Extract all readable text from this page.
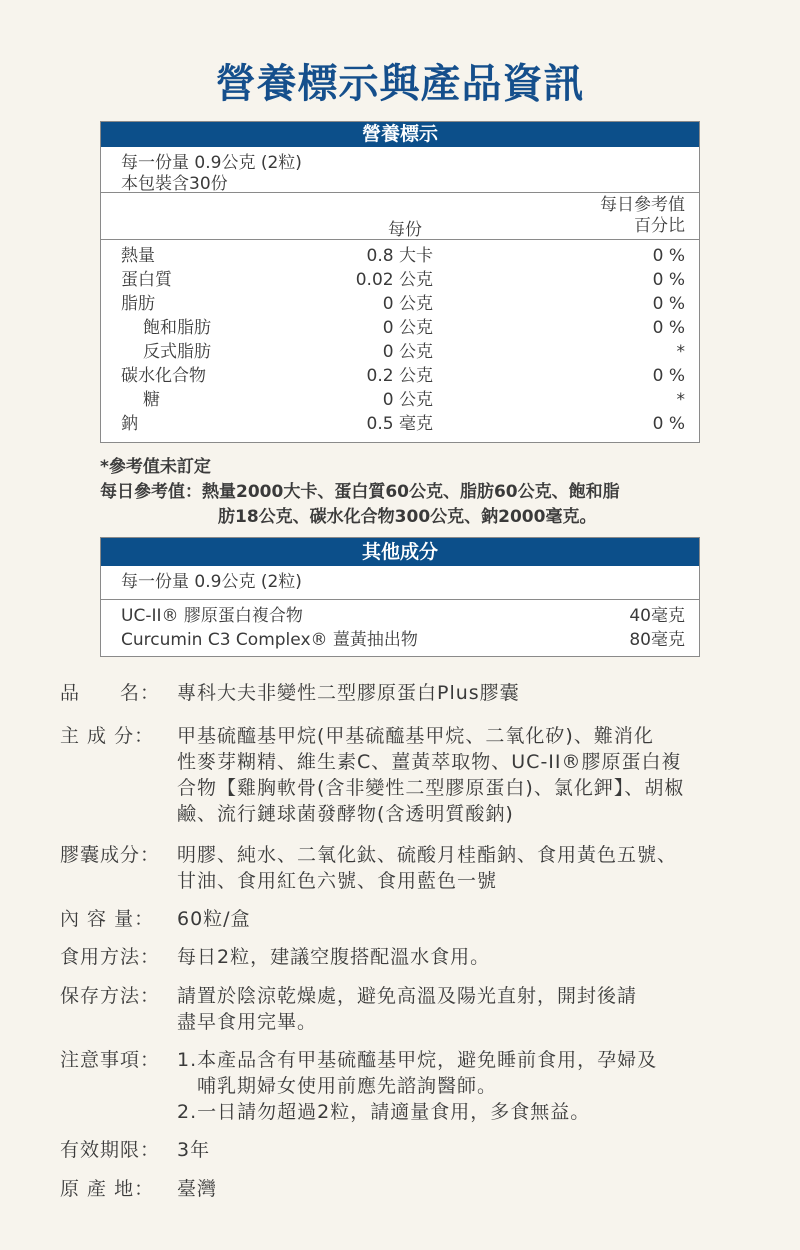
營養標示與產品資訊
營養標示
每一份量 0.9公克 (2粒)
本包裝含30份
每份
每日參考值
百分比
熱量	0.8 大卡	0 %
蛋白質	0.02 公克	0 %
脂肪	0 公克	0 %
飽和脂肪	0 公克	0 %
反式脂肪	0 公克	*
碳水化合物	0.2 公克	0 %
糖	0 公克	*
鈉	0.5 毫克	0 %
*參考值未訂定
每日參考值：熱量2000大卡、蛋白質60公克、脂肪60公克、飽和脂
肪18公克、碳水化合物300公克、鈉2000毫克。
其他成分
每一份量 0.9公克 (2粒)
UC-II® 膠原蛋白複合物	40毫克
Curcumin C3 Complex® 薑黃抽出物	80毫克
品　　名： 專科大夫非變性二型膠原蛋白Plus膠囊
主 成 分：	甲基硫醯基甲烷(甲基硫醯基甲烷、二氧化矽)、難消化
性麥芽糊精、維生素C、薑黃萃取物、UC-II®膠原蛋白複
合物【雞胸軟骨(含非變性二型膠原蛋白)、氯化鉀】、胡椒
鹼、流行鏈球菌發酵物(含透明質酸鈉)
膠囊成分： 明膠、純水、二氧化鈦、硫酸月桂酯鈉、食用黃色五號、
甘油、食用紅色六號、食用藍色一號
內 容 量：	60粒/盒
食用方法： 每日2粒，建議空腹搭配溫水食用。
保存方法： 請置於陰涼乾燥處，避免高溫及陽光直射，開封後請
盡早食用完畢。
注意事項： 1.本產品含有甲基硫醯基甲烷，避免睡前食用，孕婦及
　哺乳期婦女使用前應先諮詢醫師。
2.一日請勿超過2粒，請適量食用，多食無益。
有效期限： 3年
原 產 地：	臺灣
